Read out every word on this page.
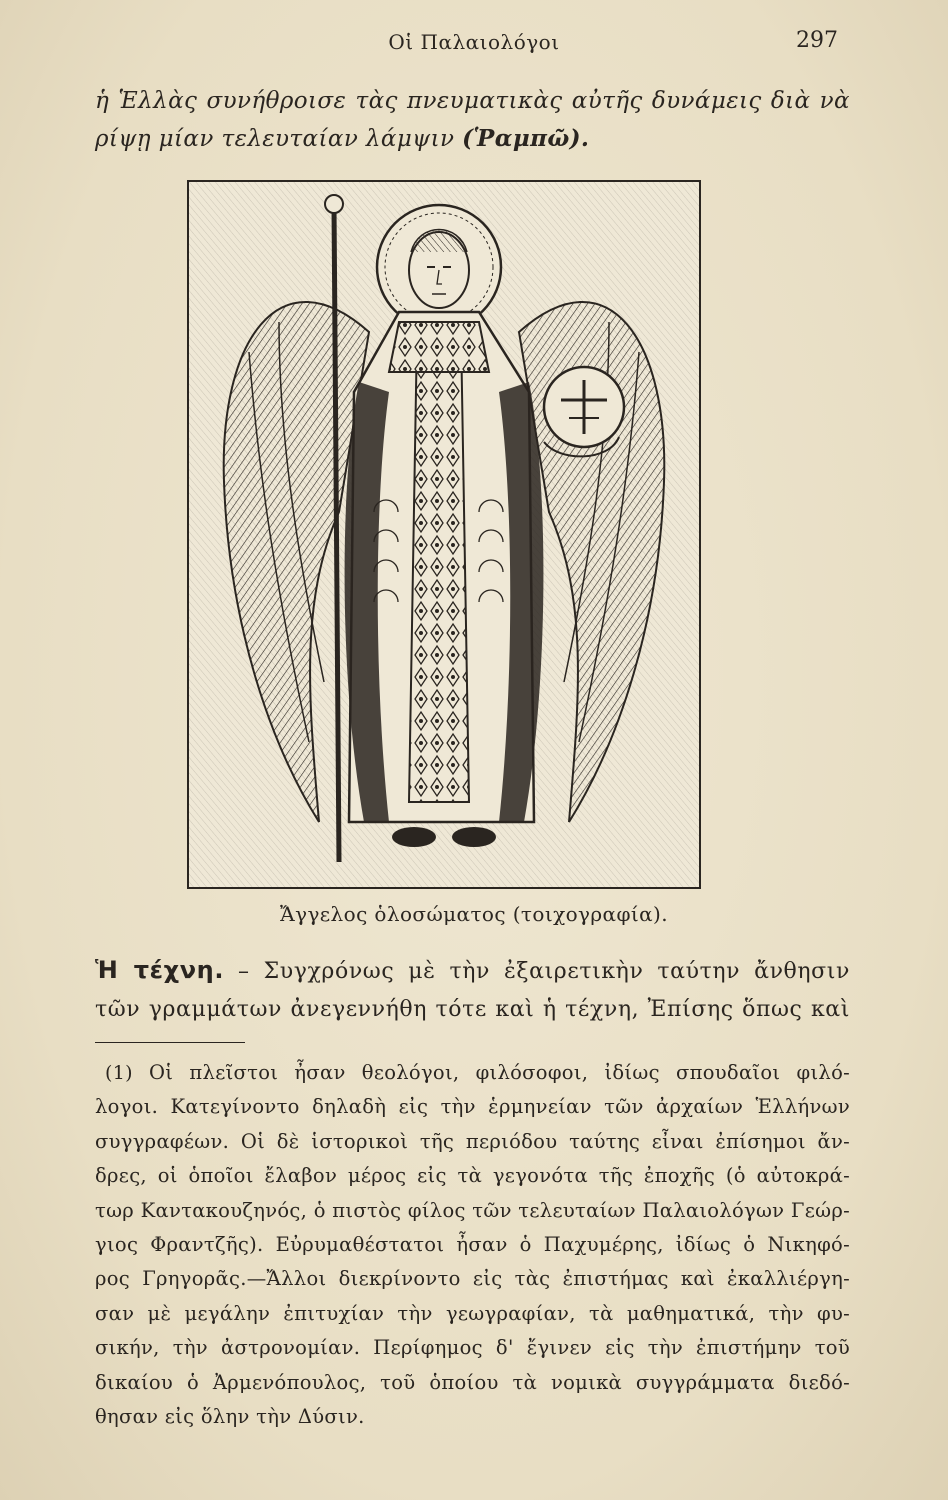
Οἱ Παλαιολόγοι	297
ἡ Ἑλλὰς συνήθροισε τὰς πνευματικὰς αὐτῆς δυνάμεις διὰ νὰ
ρίψῃ μίαν τελευταίαν λάμψιν (Ῥαμπῶ).
Ἄγγελος ὁλοσώματος (τοιχογραφία).
Ἡ τέχνη. – Συγχρόνως μὲ τὴν ἐξαιρετικὴν ταύτην ἄνθησιν
τῶν γραμμάτων ἀνεγεννήθη τότε καὶ ἡ τέχνη, Ἐπίσης ὅπως καὶ
(1) Οἱ πλεῖστοι ἦσαν θεολόγοι, φιλόσοφοι, ἰδίως σπουδαῖοι φιλό-
λογοι. Κατεγίνοντο δηλαδὴ εἰς τὴν ἑρμηνείαν τῶν ἀρχαίων Ἑλλήνων
συγγραφέων. Οἱ δὲ ἱστορικοὶ τῆς περιόδου ταύτης εἶναι ἐπίσημοι ἄν-
δρες, οἱ ὁποῖοι ἔλαβον μέρος εἰς τὰ γεγονότα τῆς ἐποχῆς (ὁ αὐτοκρά-
τωρ Καντακουζηνός, ὁ πιστὸς φίλος τῶν τελευταίων Παλαιολόγων Γεώρ-
γιος Φραντζῆς). Εὐρυμαθέστατοι ἦσαν ὁ Παχυμέρης, ἰδίως ὁ Νικηφό-
ρος Γρηγορᾶς.—Ἄλλοι διεκρίνοντο εἰς τὰς ἐπιστήμας καὶ ἐκαλλιέργη-
σαν μὲ μεγάλην ἐπιτυχίαν τὴν γεωγραφίαν, τὰ μαθηματικά, τὴν φυ-
σικήν, τὴν ἀστρονομίαν. Περίφημος δ' ἔγινεν εἰς τὴν ἐπιστήμην τοῦ
δικαίου ὁ Ἀρμενόπουλος, τοῦ ὁποίου τὰ νομικὰ συγγράμματα διεδό-
θησαν εἰς ὅλην τὴν Δύσιν.
